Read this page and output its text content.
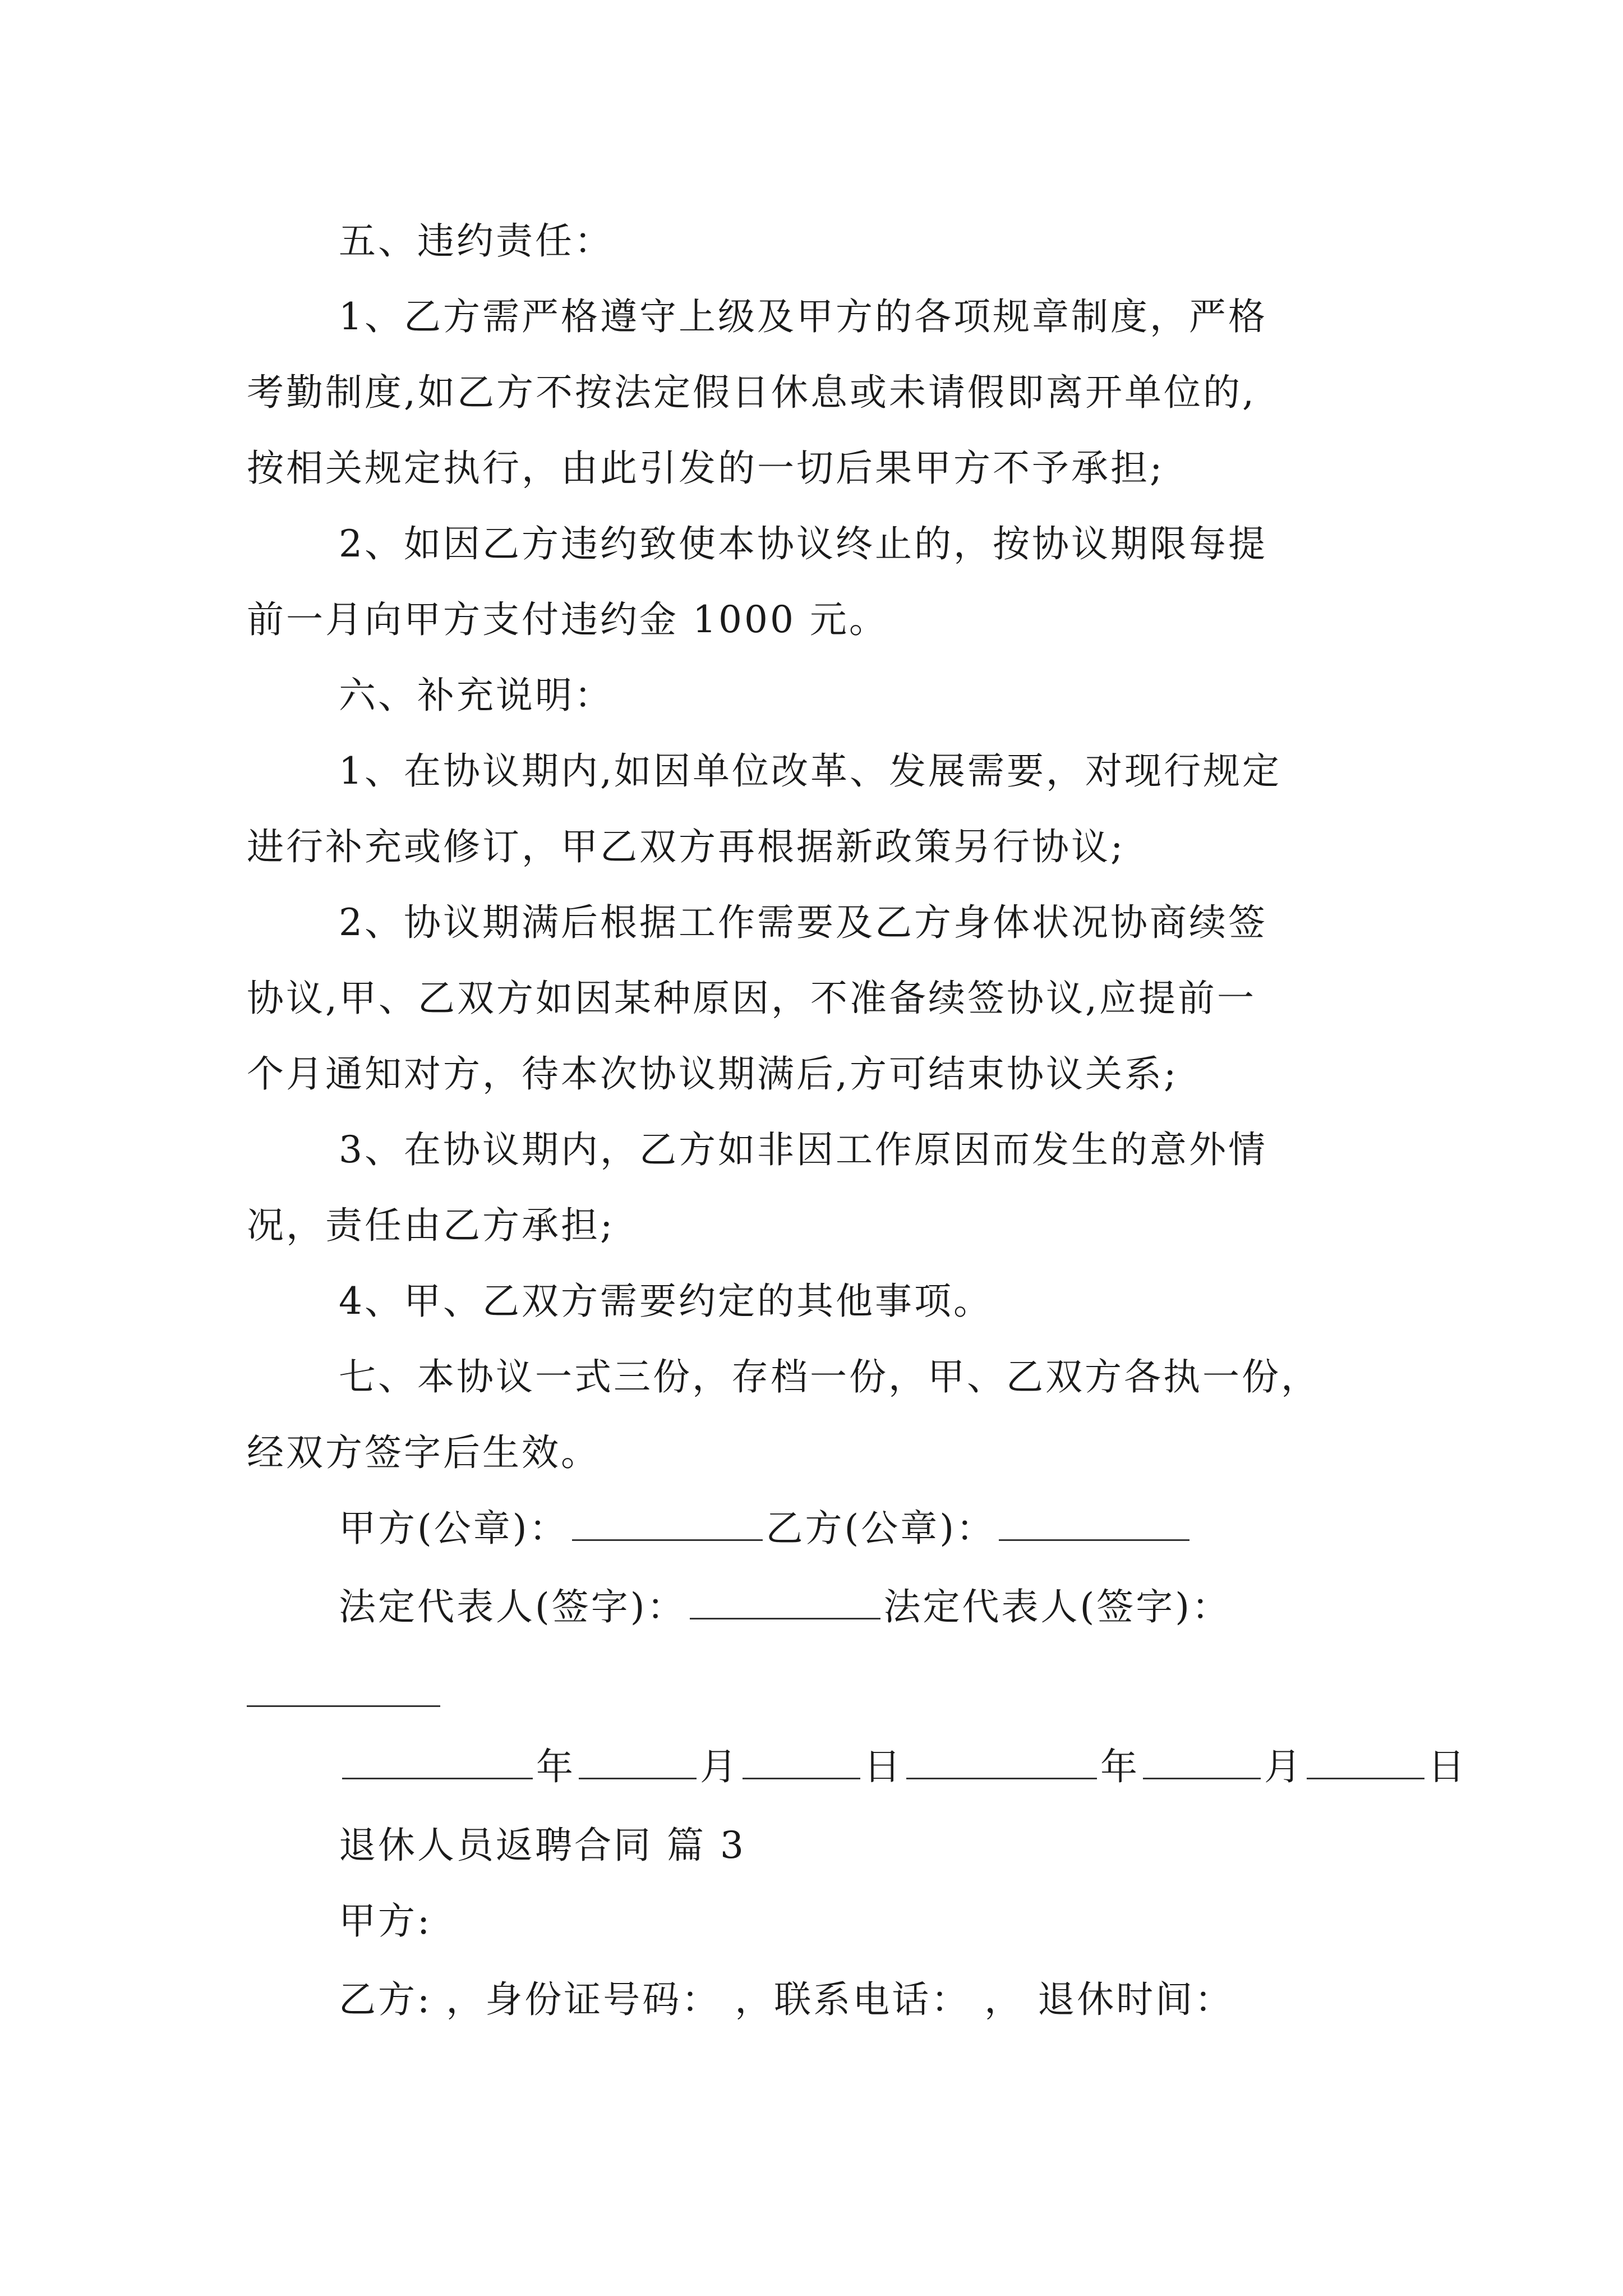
五、违约责任：
1、乙方需严格遵守上级及甲方的各项规章制度，严格
考勤制度,如乙方不按法定假日休息或未请假即离开单位的,
按相关规定执行，由此引发的一切后果甲方不予承担;
2、如因乙方违约致使本协议终止的，按协议期限每提
前一月向甲方支付违约金 1000 元。
六、补充说明：
1、在协议期内,如因单位改革、发展需要，对现行规定
进行补充或修订，甲乙双方再根据新政策另行协议;
2、协议期满后根据工作需要及乙方身体状况协商续签
协议,甲、乙双方如因某种原因，不准备续签协议,应提前一
个月通知对方，待本次协议期满后,方可结束协议关系;
3、在协议期内，乙方如非因工作原因而发生的意外情
况，责任由乙方承担;
4、甲、乙双方需要约定的其他事项。
七、本协议一式三份，存档一份，甲、乙双方各执一份，
经双方签字后生效。
甲方(公章)：	乙方(公章)：
法定代表人(签字)：	法定代表人(签字)：
年	月	日	年	月	日
退休人员返聘合同 篇 3
甲方:
乙方: ，身份证号码： ，联系电话： ， 退休时间：
